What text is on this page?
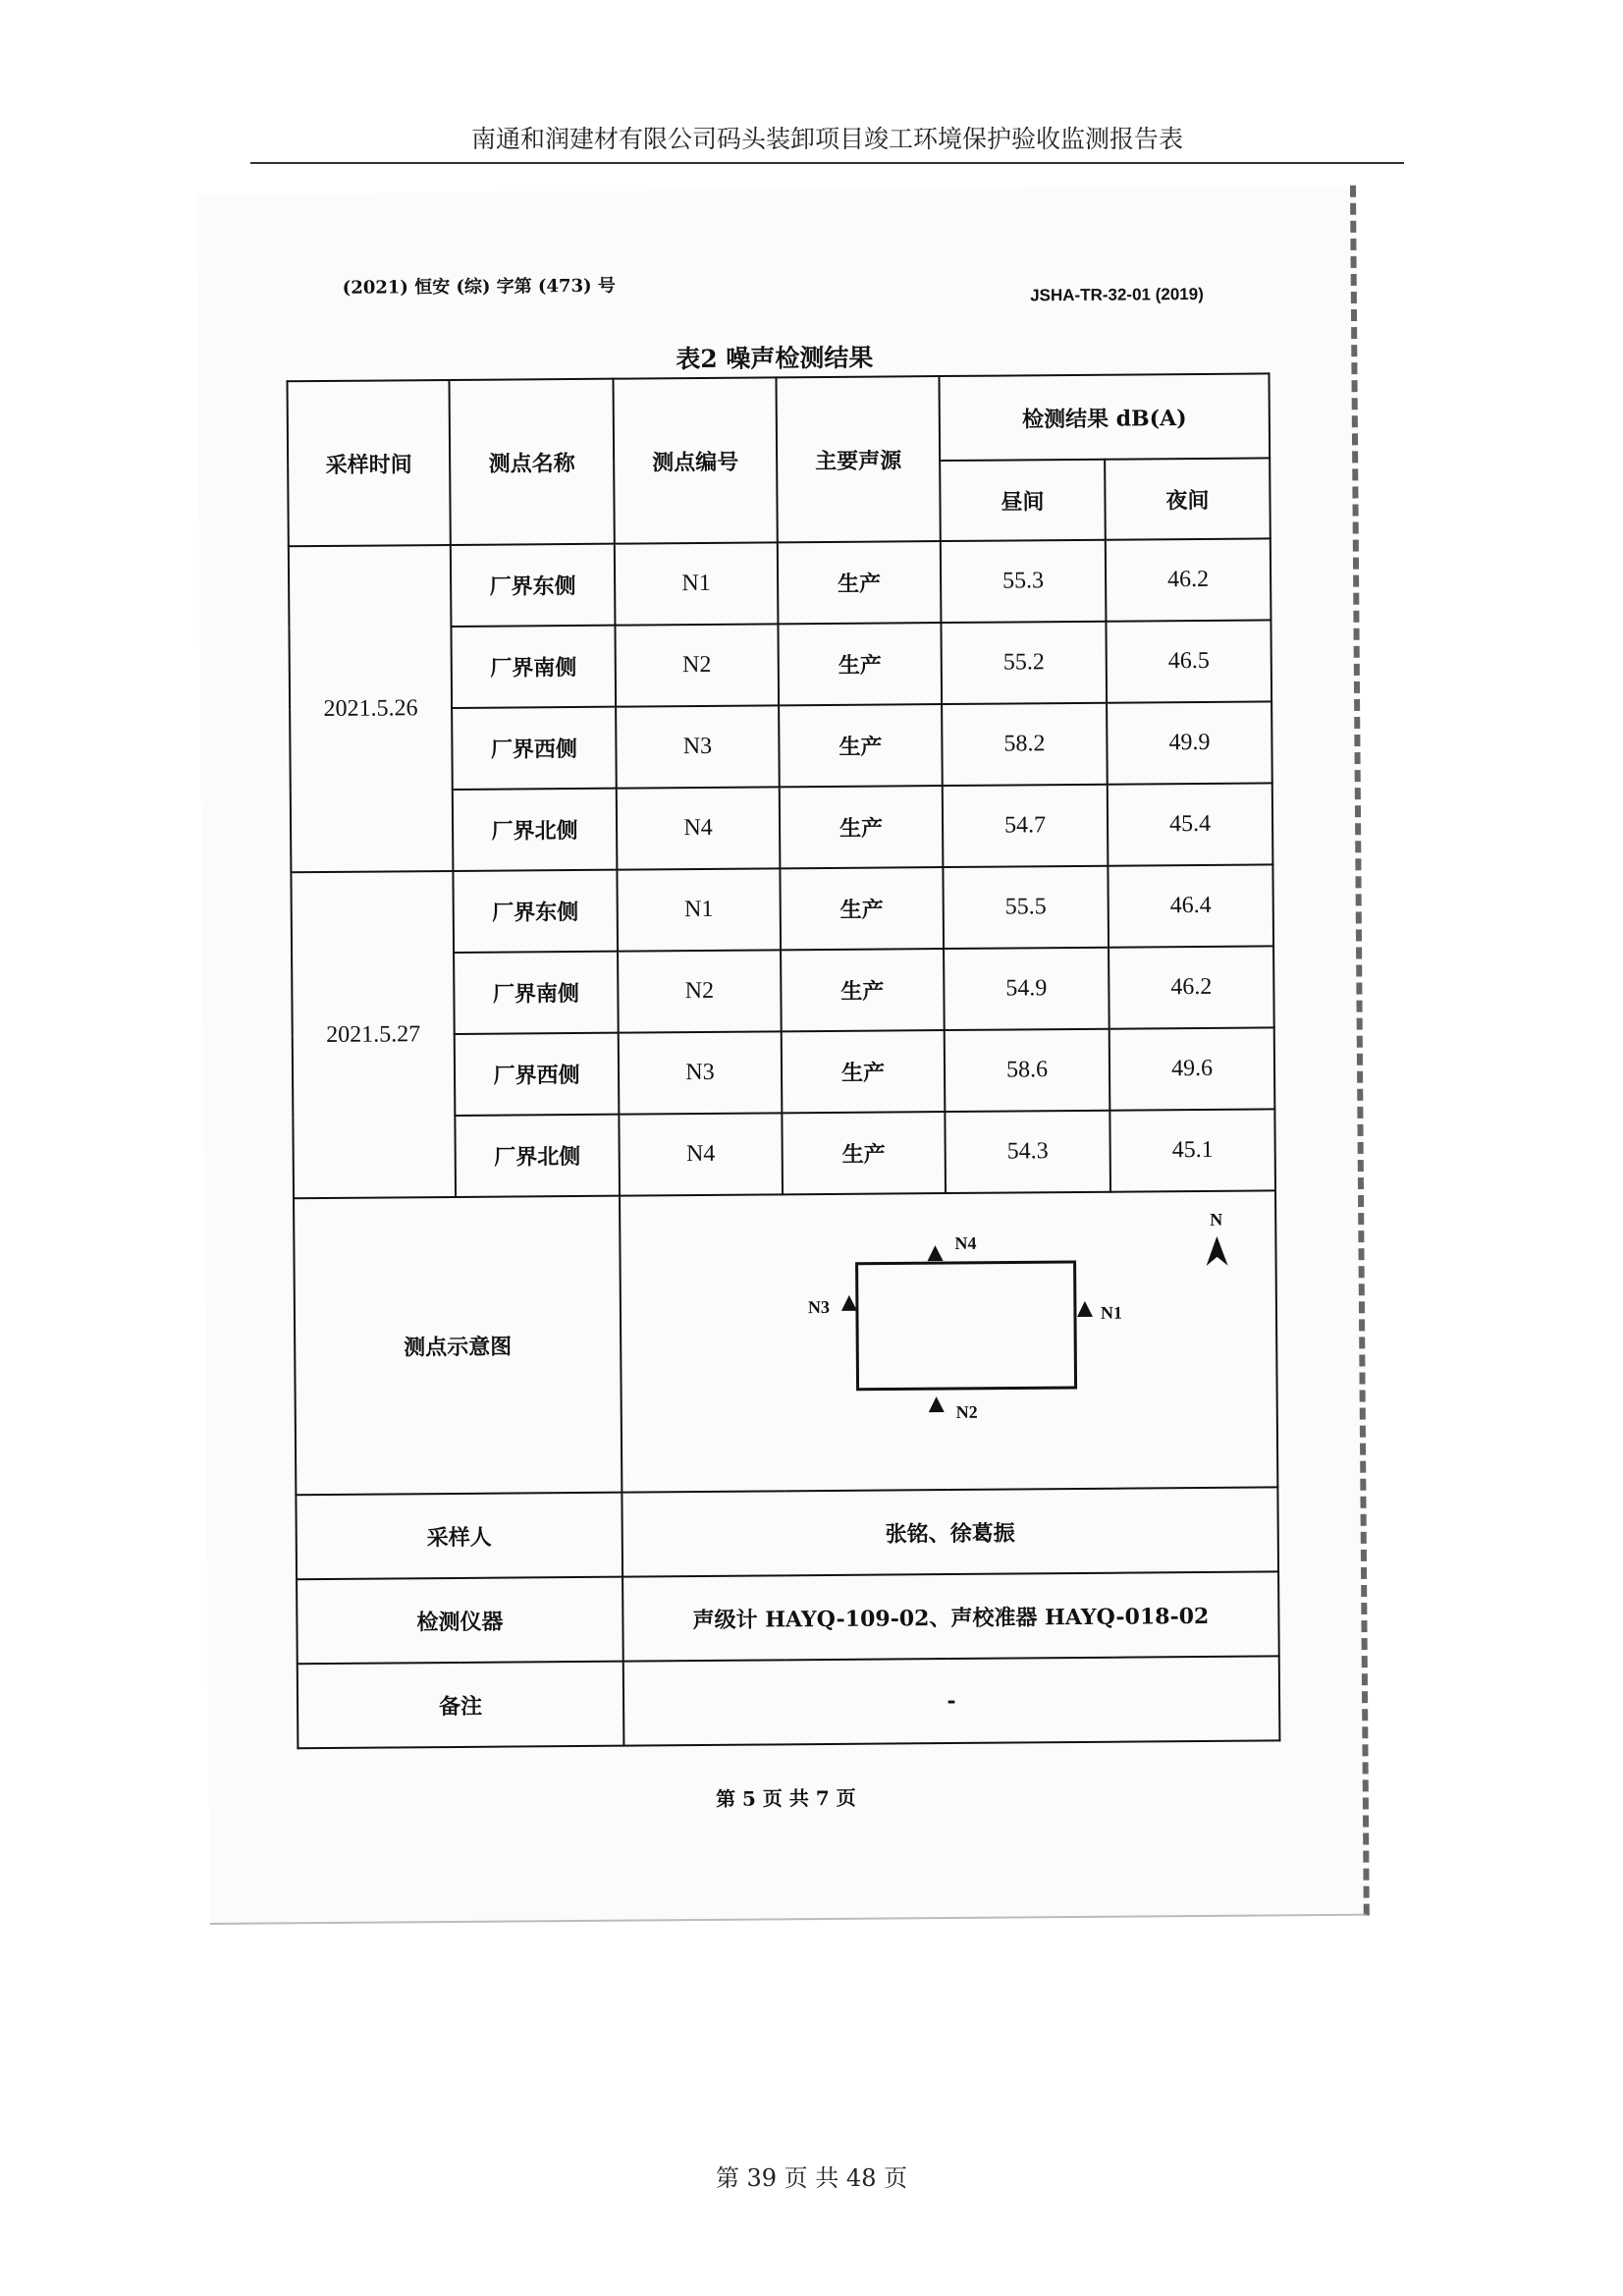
南通和润建材有限公司码头装卸项目竣工环境保护验收监测报告表
(2021) 恒安 (综) 字第 (473) 号	JSHA-TR-32-01 (2019)
表2 噪声检测结果
采样时间	测点名称	测点编号	主要声源	检测结果 dB(A)	
				昼间	夜间
2021.5.26	厂界东侧	N1	生产	55.3	46.2
	厂界南侧	N2	生产	55.2	46.5
	厂界西侧	N3	生产	58.2	49.9
	厂界北侧	N4	生产	54.7	45.4
2021.5.27	厂界东侧	N1	生产	55.5	46.4
	厂界南侧	N2	生产	54.9	46.2
	厂界西侧	N3	生产	58.6	49.6
	厂界北侧	N4	生产	54.3	45.1
测点示意图		N4
N2
N3 N1
N			

采样人		张铭、徐葛振			
检测仪器		声级计 HAYQ-109-02、声校准器 HAYQ-018-02			
备注		-			
第 5 页 共 7 页
第 39 页 共 48 页
